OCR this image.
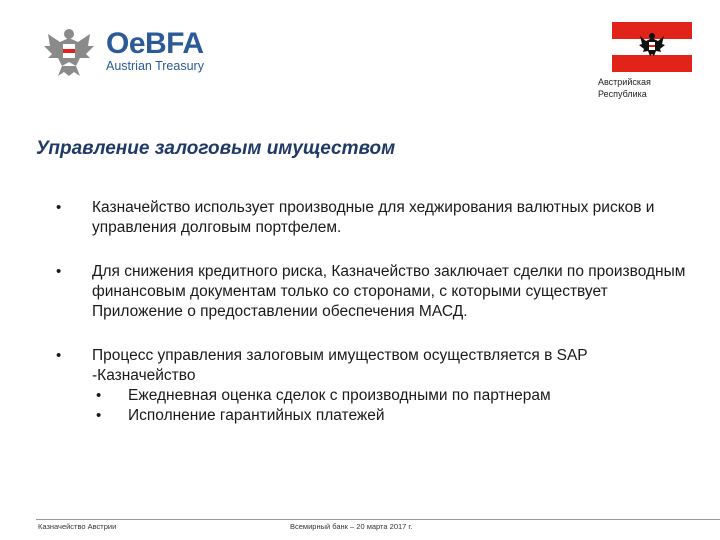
OeBFA
Austrian Treasury
Австрийская
Республика
Управление залоговым имуществом
• Казначейство использует производные для хеджирования валютных рисков и управления долговым портфелем.
• Для снижения кредитного риска, Казначейство заключает сделки по производным финансовым документам только со сторонами, с которыми существует Приложение о предоставлении обеспечения МАСД.
• Процесс управления залоговым имуществом осуществляется в SAP -Казначейство
• Ежедневная оценка сделок с производными по партнерам
• Исполнение гарантийных платежей
Казначейство Австрии	Всемирный банк – 20 марта 2017 г.
